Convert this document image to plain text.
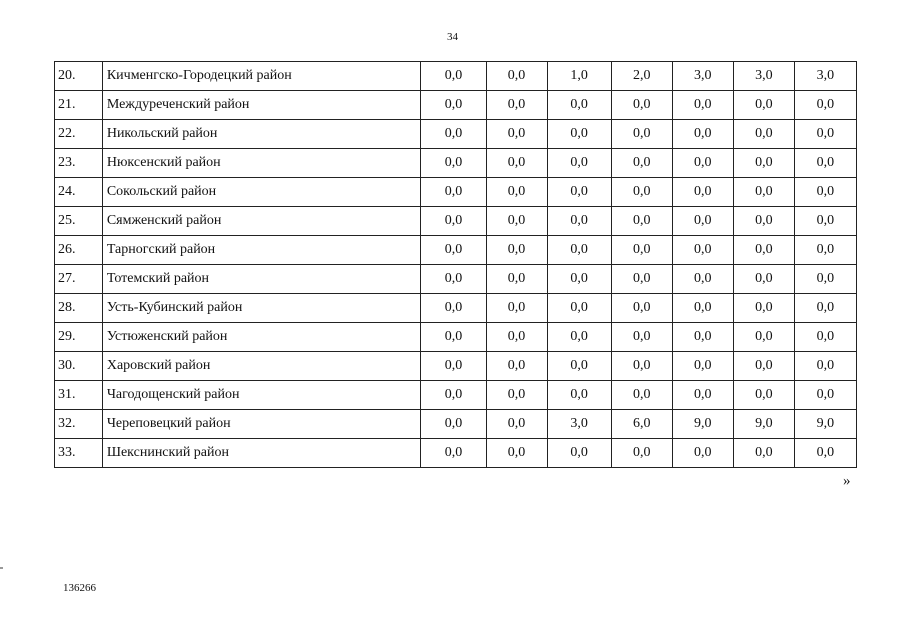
34
20.	Кичменгско-Городецкий район	0,0	0,0	1,0	2,0	3,0	3,0	3,0
21.	Междуреченский район	0,0	0,0	0,0	0,0	0,0	0,0	0,0
22.	Никольский район	0,0	0,0	0,0	0,0	0,0	0,0	0,0
23.	Нюксенский район	0,0	0,0	0,0	0,0	0,0	0,0	0,0
24.	Сокольский район	0,0	0,0	0,0	0,0	0,0	0,0	0,0
25.	Сямженский район	0,0	0,0	0,0	0,0	0,0	0,0	0,0
26.	Тарногский район	0,0	0,0	0,0	0,0	0,0	0,0	0,0
27.	Тотемский район	0,0	0,0	0,0	0,0	0,0	0,0	0,0
28.	Усть-Кубинский район	0,0	0,0	0,0	0,0	0,0	0,0	0,0
29.	Устюженский район	0,0	0,0	0,0	0,0	0,0	0,0	0,0
30.	Харовский район	0,0	0,0	0,0	0,0	0,0	0,0	0,0
31.	Чагодощенский район	0,0	0,0	0,0	0,0	0,0	0,0	0,0
32.	Череповецкий район	0,0	0,0	3,0	6,0	9,0	9,0	9,0
33.	Шекснинский район	0,0	0,0	0,0	0,0	0,0	0,0	0,0
»
136266
